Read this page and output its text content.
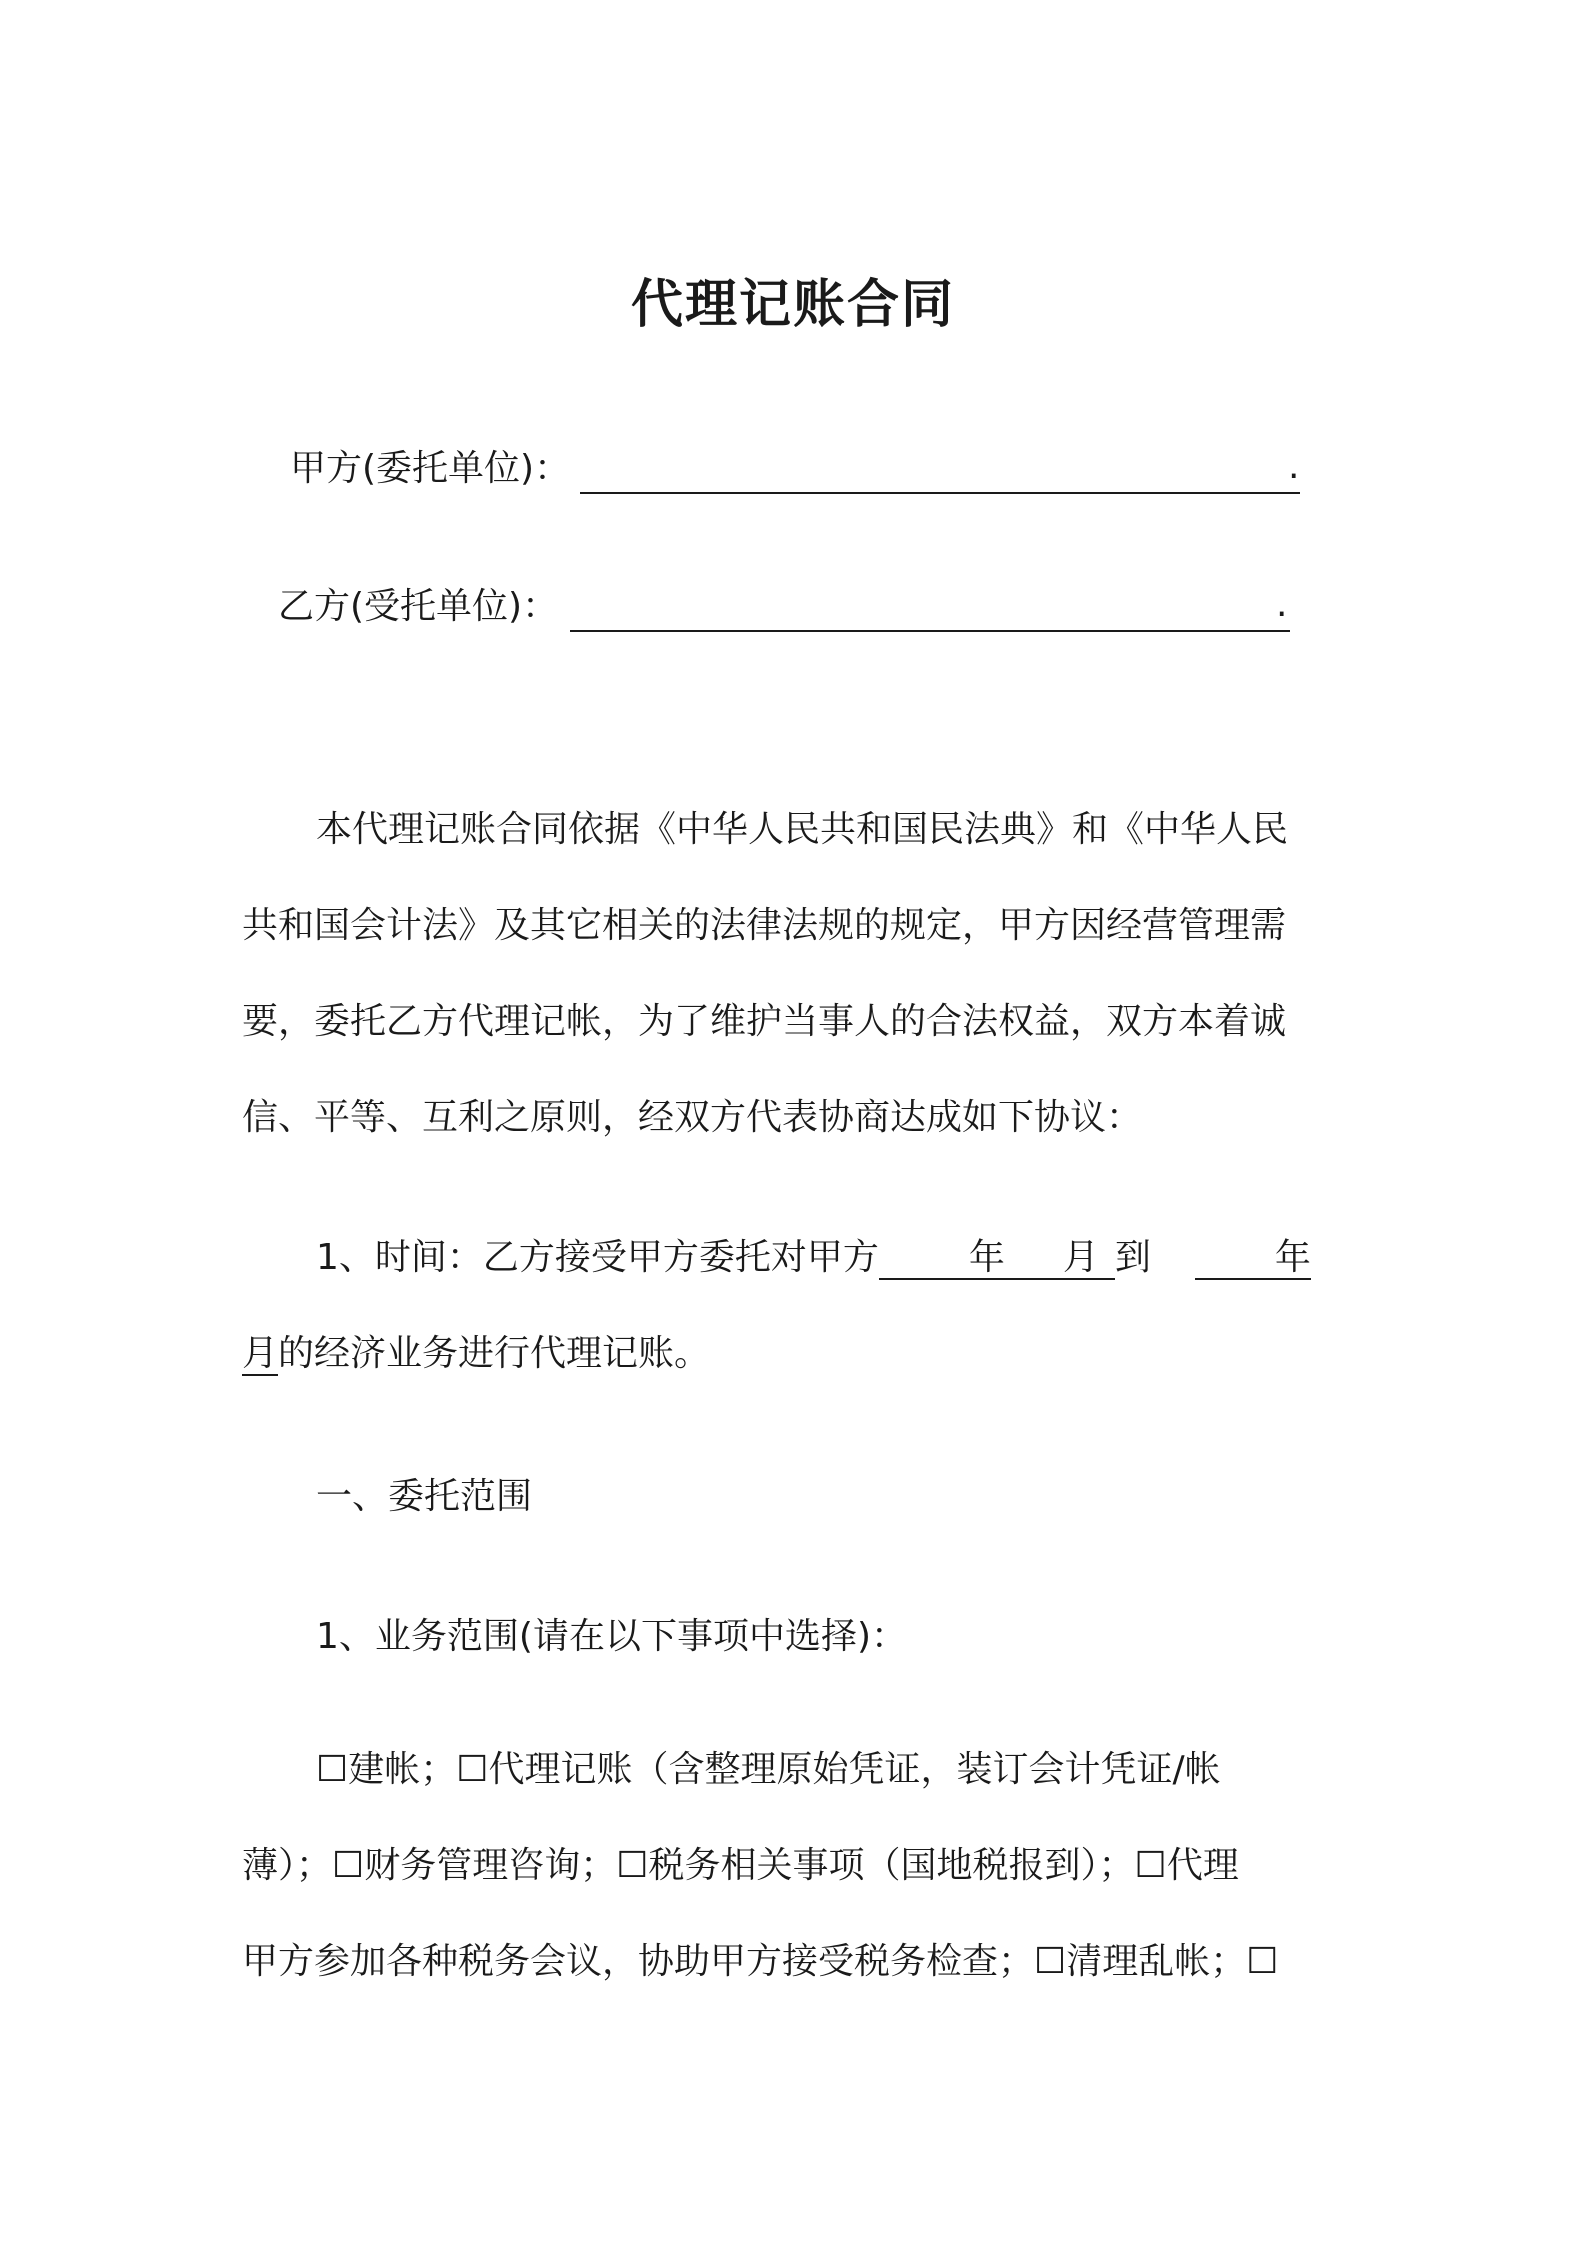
代理记账合同
甲方(委托单位)：	.
乙方(受托单位)：	.
本代理记账合同依据《中华人民共和国民法典》和《中华人民
共和国会计法》及其它相关的法律法规的规定，甲方因经营管理需
要，委托乙方代理记帐，为了维护当事人的合法权益，双方本着诚
信、平等、互利之原则，经双方代表协商达成如下协议：
1、时间：乙方接受甲方委托对甲方	年 月 到	年
月的经济业务进行代理记账。
一、委托范围
1、业务范围(请在以下事项中选择)：
☐建帐；☐代理记账（含整理原始凭证，装订会计凭证/帐
薄）；☐财务管理咨询；☐税务相关事项（国地税报到）；☐代理
甲方参加各种税务会议，协助甲方接受税务检查；☐清理乱帐；☐
